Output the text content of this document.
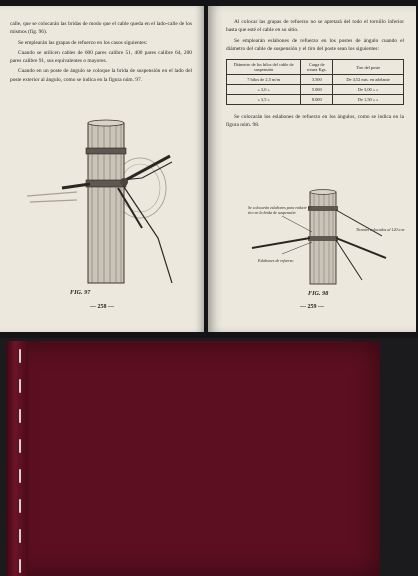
calle, que se colocarán las bridas de modo que el cable queda en el lado-calle de los mismos (fig. 96).

Se emplearán las grapas de refuerzo en los casos siguientes:

Cuando se utilicen cables de 600 pares calibre 51, 400 pares calibre 64, 200 pares calibre 91, sus equivalentes o mayores.

Cuando en un poste de ángulo se coloque la brida de suspensión en el lado del poste exterior al ángulo, como se indica en la figura núm. 97.

FIG. 97
— 258 —

Al colocar las grapas de refuerzo no se apretará del todo el tornillo inferior hasta que esté el cable en su sitio.

Se emplearán eslabones de refuerzo en los postes de ángulo cuando el diámetro del cable de suspensión y el tiro del poste sean los siguientes:

Diámetro de los hilos del cable de suspensión	Carga de rotura Kgs.	Tiro del poste
7 hilos de 2,5 m/m	3.500	De 4,52 mts. en adelante
» 3,0 »	5.000	De 3,00 » »
» 3,5 »	8.000	De 1,50 » »

Se colocarán los eslabones de refuerzo en los ángulos, como se indica en la figura núm. 98.

Se colocarán eslabones para reducir el tiro en la brida de suspensión
Eslabones de refuerzo
Tirantes colocados al 120 a m
FIG. 98
— 259 —
